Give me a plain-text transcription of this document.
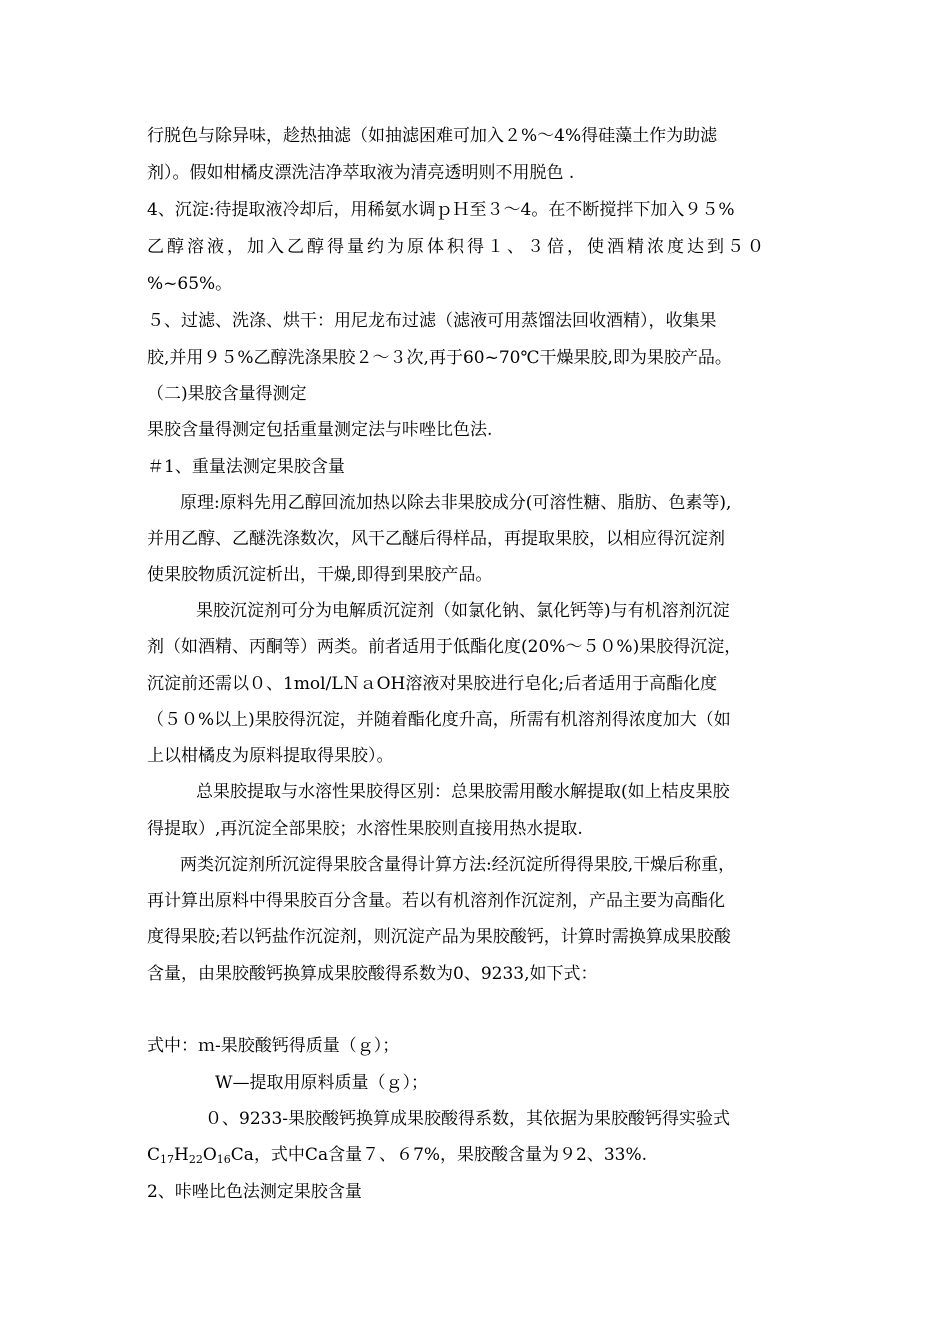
行脱色与除异味，趁热抽滤（如抽滤困难可加入２%～4%得硅藻土作为助滤
剂）。假如柑橘皮漂洗洁净萃取液为清亮透明则不用脱色 .
4、沉淀:待提取液冷却后，用稀氨水调ｐＨ至３～4。在不断搅拌下加入９５%
乙醇溶液，加入乙醇得量约为原体积得１、３倍，使酒精浓度达到５０
%~65%。
５、过滤、洗涤、烘干：用尼龙布过滤（滤液可用蒸馏法回收酒精），收集果
胶,并用９５%乙醇洗涤果胶２～３次,再于60~70℃干燥果胶,即为果胶产品。
（二)果胶含量得测定
果胶含量得测定包括重量测定法与咔唑比色法.
＃1、重量法测定果胶含量
原理:原料先用乙醇回流加热以除去非果胶成分(可溶性糖、脂肪、色素等),
并用乙醇、乙醚洗涤数次，风干乙醚后得样品，再提取果胶，以相应得沉淀剂
使果胶物质沉淀析出，干燥,即得到果胶产品。
果胶沉淀剂可分为电解质沉淀剂（如氯化钠、氯化钙等)与有机溶剂沉淀
剂（如酒精、丙酮等）两类。前者适用于低酯化度(20%～５０%)果胶得沉淀，
沉淀前还需以０、1mol/LＮａOH溶液对果胶进行皂化;后者适用于高酯化度
（５０%以上)果胶得沉淀，并随着酯化度升高，所需有机溶剂得浓度加大（如
上以柑橘皮为原料提取得果胶）。
总果胶提取与水溶性果胶得区别：总果胶需用酸水解提取(如上桔皮果胶
得提取）,再沉淀全部果胶；水溶性果胶则直接用热水提取.
两类沉淀剂所沉淀得果胶含量得计算方法:经沉淀所得得果胶,干燥后称重，
再计算出原料中得果胶百分含量。若以有机溶剂作沉淀剂，产品主要为高酯化
度得果胶;若以钙盐作沉淀剂，则沉淀产品为果胶酸钙，计算时需换算成果胶酸
含量，由果胶酸钙换算成果胶酸得系数为0、9233,如下式：
式中：ｍ-果胶酸钙得质量（ｇ）；
W—提取用原料质量（ｇ）；
０、9233-果胶酸钙换算成果胶酸得系数，其依据为果胶酸钙得实验式
$C_{17}H_{22}O_{16}Ca$，式中Ca含量７、６7%，果胶酸含量为９2、33%.
2、咔唑比色法测定果胶含量
